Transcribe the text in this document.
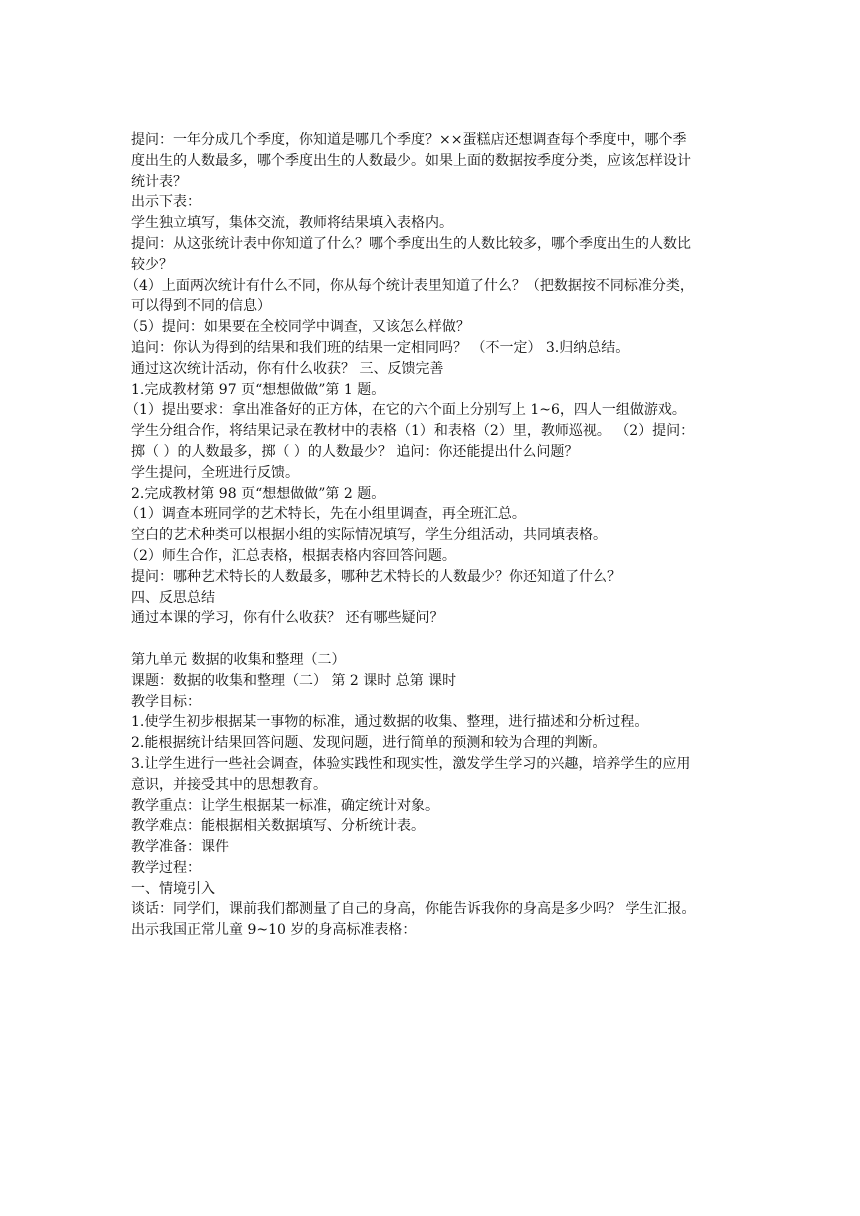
提问：一年分成几个季度，你知道是哪几个季度？××蛋糕店还想调查每个季度中，哪个季
度出生的人数最多，哪个季度出生的人数最少。如果上面的数据按季度分类，应该怎样设计
统计表？
出示下表：
学生独立填写，集体交流，教师将结果填入表格内。
提问：从这张统计表中你知道了什么？哪个季度出生的人数比较多，哪个季度出生的人数比
较少？
（4）上面两次统计有什么不同，你从每个统计表里知道了什么？（把数据按不同标准分类，
可以得到不同的信息）
（5）提问：如果要在全校同学中调查，又该怎么样做？
追问：你认为得到的结果和我们班的结果一定相同吗？ （不一定） 3.归纳总结。
通过这次统计活动，你有什么收获？ 三、反馈完善
1.完成教材第 97 页“想想做做”第 1 题。
（1）提出要求：拿出准备好的正方体，在它的六个面上分别写上 1~6，四人一组做游戏。
学生分组合作，将结果记录在教材中的表格（1）和表格（2）里，教师巡视。 （2）提问：
掷（ ）的人数最多，掷（ ）的人数最少？ 追问：你还能提出什么问题？
学生提问，全班进行反馈。
2.完成教材第 98 页“想想做做”第 2 题。
（1）调查本班同学的艺术特长，先在小组里调查，再全班汇总。
空白的艺术种类可以根据小组的实际情况填写，学生分组活动，共同填表格。
（2）师生合作，汇总表格，根据表格内容回答问题。
提问：哪种艺术特长的人数最多，哪种艺术特长的人数最少？你还知道了什么？
四、反思总结
通过本课的学习，你有什么收获？ 还有哪些疑问？
第九单元 数据的收集和整理（二）
课题：数据的收集和整理（二） 第 2 课时 总第 课时
教学目标：
1.使学生初步根据某一事物的标准，通过数据的收集、整理，进行描述和分析过程。
2.能根据统计结果回答问题、发现问题，进行简单的预测和较为合理的判断。
3.让学生进行一些社会调查，体验实践性和现实性，激发学生学习的兴趣，培养学生的应用
意识，并接受其中的思想教育。
教学重点：让学生根据某一标准，确定统计对象。
教学难点：能根据相关数据填写、分析统计表。
教学准备：课件
教学过程：
一、情境引入
谈话：同学们，课前我们都测量了自己的身高，你能告诉我你的身高是多少吗？ 学生汇报。
出示我国正常儿童 9~10 岁的身高标准表格：
